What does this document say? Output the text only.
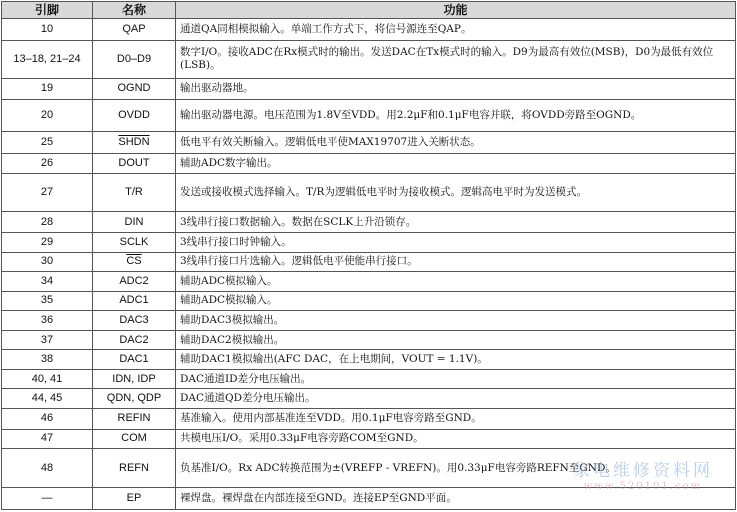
引脚	名称	功能
10	QAP	通道QA同相模拟输入。单端工作方式下，将信号源连至QAP。
13–18, 21–24	D0–D9	数字I/O。接收ADC在Rx模式时的输出。发送DAC在Tx模式时的输入。D9为最高有效位(MSB)，D0为最低有效位(LSB)。
19	OGND	输出驱动器地。
20	OVDD	输出驱动器电源。电压范围为1.8V至VDD。用2.2μF和0.1μF电容并联，将OVDD旁路至OGND。
25	SHDN	低电平有效关断输入。逻辑低电平使MAX19707进入关断状态。
26	DOUT	辅助ADC数字输出。
27	T/R	发送或接收模式选择输入。T/R为逻辑低电平时为接收模式。逻辑高电平时为发送模式。
28	DIN	3线串行接口数据输入。数据在SCLK上升沿锁存。
29	SCLK	3线串行接口时钟输入。
30	$\overline{CS}$	3线串行接口片选输入。逻辑低电平使能串行接口。
34	ADC2	辅助ADC模拟输入。
35	ADC1	辅助ADC模拟输入。
36	DAC3	辅助DAC3模拟输出。
37	DAC2	辅助DAC2模拟输出。
38	DAC1	辅助DAC1模拟输出(AFC DAC，在上电期间，VOUT = 1.1V)。
40, 41	IDN, IDP	DAC通道ID差分电压输出。
44, 45	QDN, QDP	DAC通道QD差分电压输出。
46	REFIN	基准输入。使用内部基准连至VDD。用0.1μF电容旁路至GND。
47	COM	共模电压I/O。采用0.33μF电容旁路COM至GND。
48	REFN	负基准I/O。Rx ADC转换范围为±(VREFP - VREFN)。用0.33μF电容旁路REFN至GND。
—	EP	裸焊盘。裸焊盘在内部连接至GND。连接EP至GND平面。
家电维修资料网
www.520101.com
